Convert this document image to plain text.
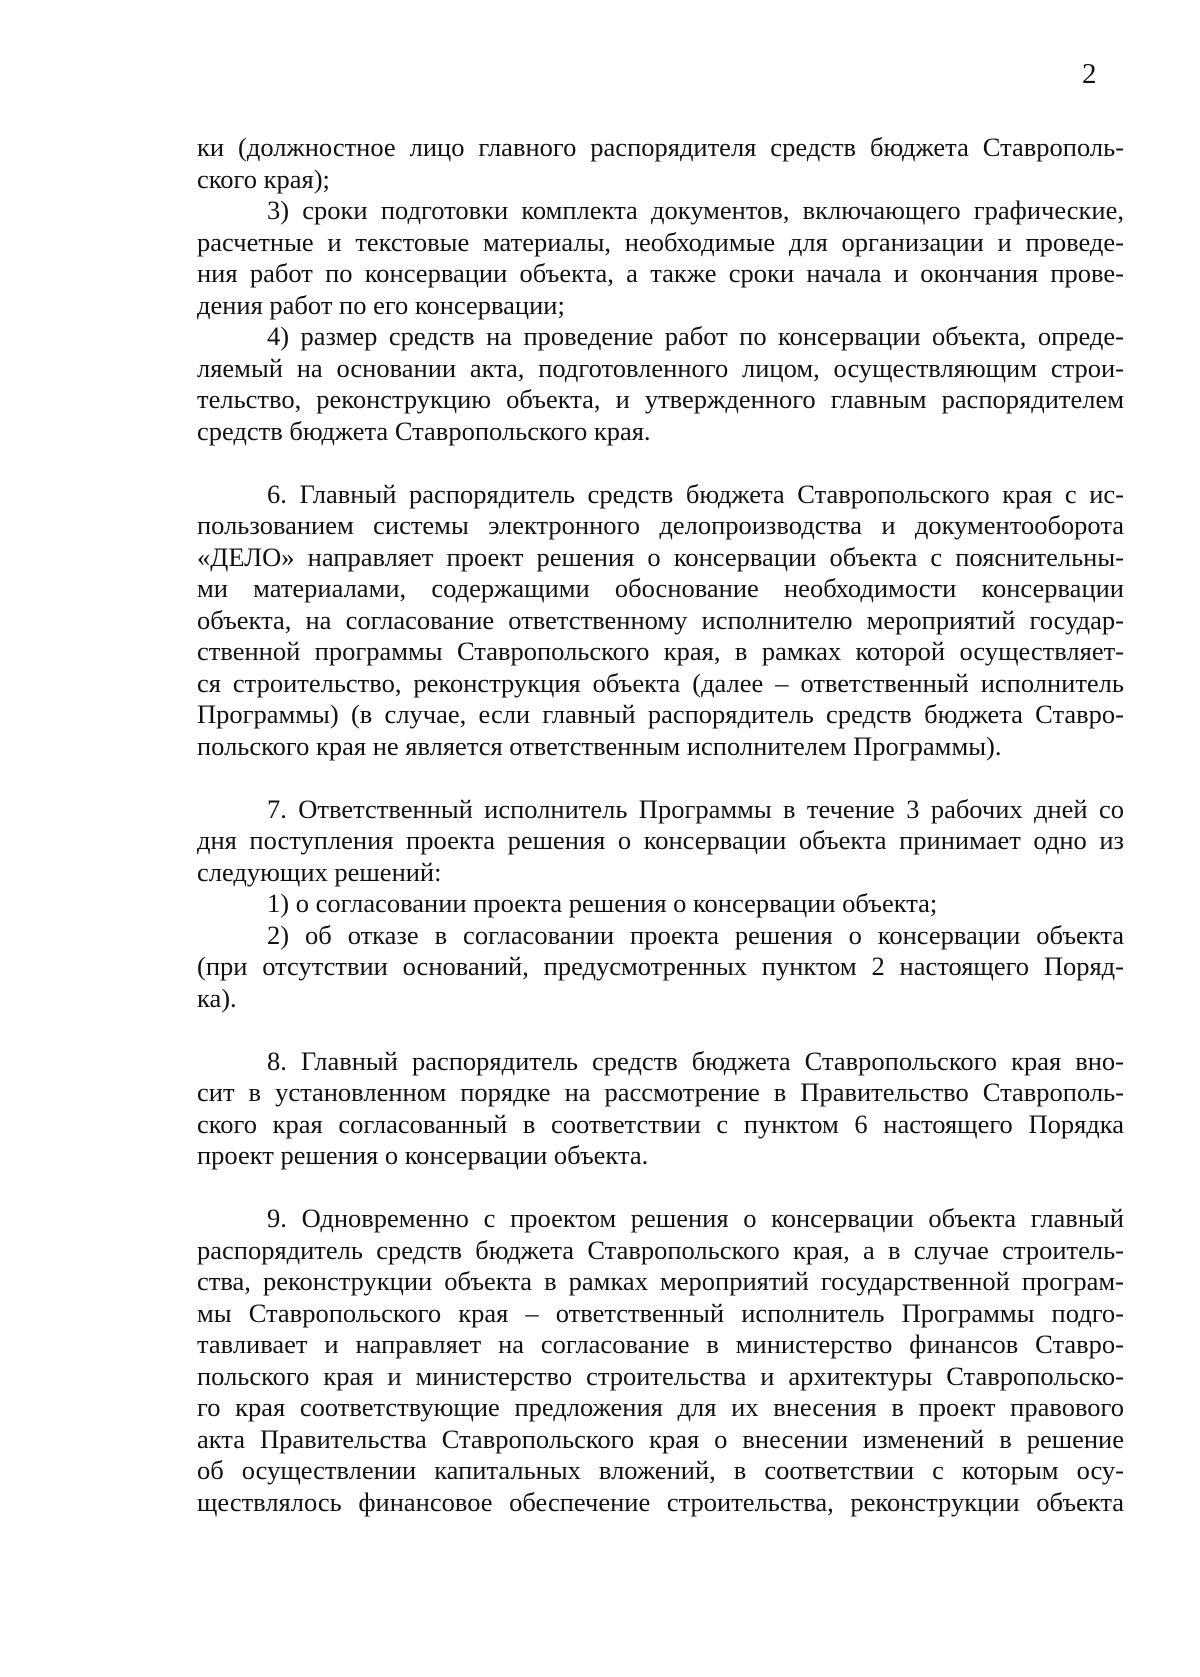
2
ки (должностное лицо главного распорядителя средств бюджета Ставрополь-
ского края);
3) сроки подготовки комплекта документов, включающего графические,
расчетные и текстовые материалы, необходимые для организации и проведе-
ния работ по консервации объекта, а также сроки начала и окончания прове-
дения работ по его консервации;
4) размер средств на проведение работ по консервации объекта, опреде-
ляемый на основании акта, подготовленного лицом, осуществляющим строи-
тельство, реконструкцию объекта, и утвержденного главным распорядителем
средств бюджета Ставропольского края.
6. Главный распорядитель средств бюджета Ставропольского края с ис-
пользованием системы электронного делопроизводства и документооборота
«ДЕЛО» направляет проект решения о консервации объекта с пояснительны-
ми материалами, содержащими обоснование необходимости консервации
объекта, на согласование ответственному исполнителю мероприятий государ-
ственной программы Ставропольского края, в рамках которой осуществляет-
ся строительство, реконструкция объекта (далее – ответственный исполнитель
Программы) (в случае, если главный распорядитель средств бюджета Ставро-
польского края не является ответственным исполнителем Программы).
7. Ответственный исполнитель Программы в течение 3 рабочих дней со
дня поступления проекта решения о консервации объекта принимает одно из
следующих решений:
1) о согласовании проекта решения о консервации объекта;
2) об отказе в согласовании проекта решения о консервации объекта
(при отсутствии оснований, предусмотренных пунктом 2 настоящего Поряд-
ка).
8. Главный распорядитель средств бюджета Ставропольского края вно-
сит в установленном порядке на рассмотрение в Правительство Ставрополь-
ского края согласованный в соответствии с пунктом 6 настоящего Порядка
проект решения о консервации объекта.
9. Одновременно с проектом решения о консервации объекта главный
распорядитель средств бюджета Ставропольского края, а в случае строитель-
ства, реконструкции объекта в рамках мероприятий государственной програм-
мы Ставропольского края – ответственный исполнитель Программы подго-
тавливает и направляет на согласование в министерство финансов Ставро-
польского края и министерство строительства и архитектуры Ставропольско-
го края соответствующие предложения для их внесения в проект правового
акта Правительства Ставропольского края о внесении изменений в решение
об осуществлении капитальных вложений, в соответствии с которым осу-
ществлялось финансовое обеспечение строительства, реконструкции объекта
